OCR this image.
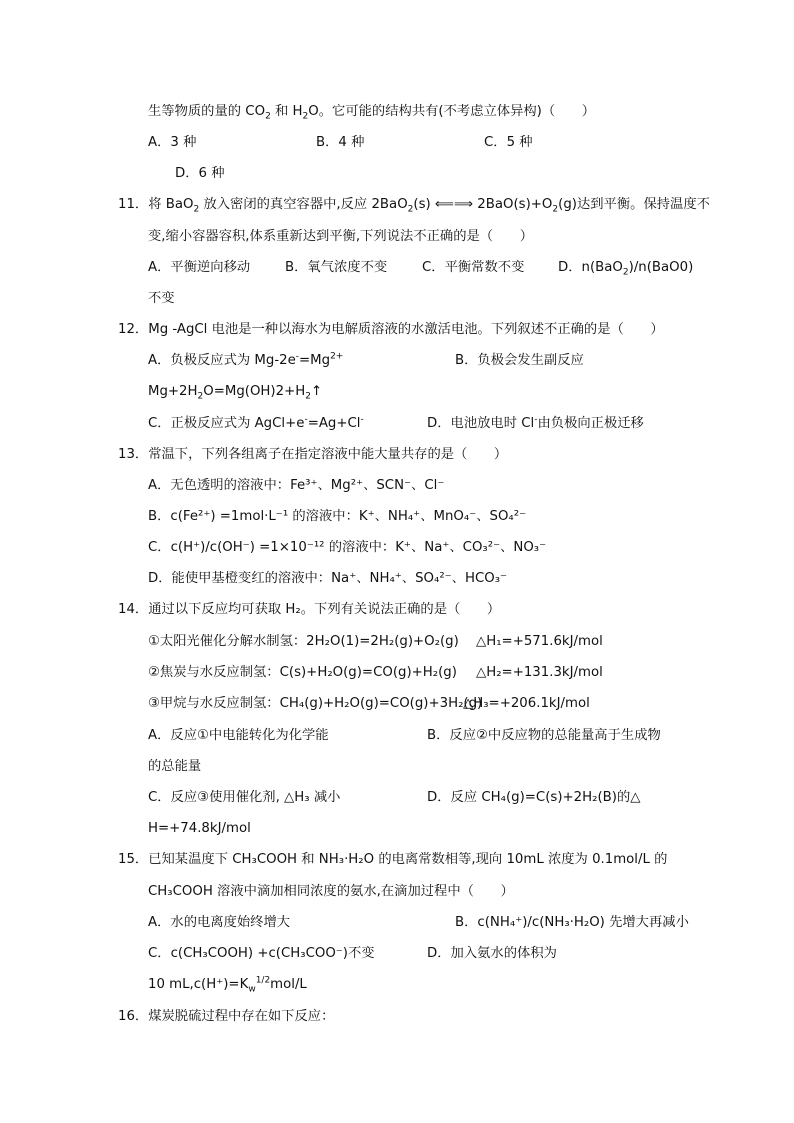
生等物质的量的 $CO_2$ 和 $H_2O$。它可能的结构共有(不考虑立体异构)（　　）
A．3 种	B．4 种	C．5 种
D．6 种
11．将 BaO$_2$ 放入密闭的真空容器中,反应 2BaO$_2$(s) ⟸⟹ $2BaO(s)+O_2(g)$达到平衡。保持温度不
变,缩小容器容积,体系重新达到平衡,下列说法不正确的是（　　）
A．平衡逆向移动	B．氧气浓度不变	C．平衡常数不变	D．n(BaO$_2$)/n(BaO0)
不变
12．Mg -AgCl 电池是一种以海水为电解质溶液的水激活电池。下列叙述不正确的是（　　）
A．负极反应式为 $Mg-2e^-=Mg^{2+}$	B．负极会发生副反应
$Mg+2H_2O=Mg(OH)2+H_2↑$
C．正极反应式为 AgCl+e-=Ag+Cl-	D．电池放电时 Cl-由负极向正极迁移
13．常温下，下列各组离子在指定溶液中能大量共存的是（　　）
A．无色透明的溶液中：Fe³⁺、Mg²⁺、SCN⁻、Cl⁻
B．c(Fe²⁺) =1mol·L⁻¹ 的溶液中：K⁺、NH₄⁺、MnO₄⁻、SO₄²⁻
C．c(H⁺)/c(OH⁻) =1×10⁻¹² 的溶液中：K⁺、Na⁺、CO₃²⁻、NO₃⁻
D．能使甲基橙变红的溶液中：Na⁺、NH₄⁺、SO₄²⁻、HCO₃⁻
14．通过以下反应均可获取 H₂。下列有关说法正确的是（　　）
①太阳光催化分解水制氢：2H₂O(1)=2H₂(g)+O₂(g) △H₁=+571.6kJ/mol
②焦炭与水反应制氢：C(s)+H₂O(g)=CO(g)+H₂(g) △H₂=+131.3kJ/mol
③甲烷与水反应制氢：CH₄(g)+H₂O(g)=CO(g)+3H₂(g)
△H₃=+206.1kJ/mol
A．反应①中电能转化为化学能	B．反应②中反应物的总能量高于生成物
的总能量
C．反应③使用催化剂, △H₃ 减小	D．反应 CH₄(g)=C(s)+2H₂(B)的△
H=+74.8kJ/mol
15．已知某温度下 CH₃COOH 和 NH₃·H₂O 的电离常数相等,现向 10mL 浓度为 0.1mol/L 的
CH₃COOH 溶液中滴加相同浓度的氨水,在滴加过程中（　　）
A．水的电离度始终增大	B．c(NH₄⁺)/c(NH₃·H₂O) 先增大再减小
C．c(CH₃COOH) +c(CH₃COO⁻)不变	D．加入氨水的体积为
10 $mL,c(H^+)=K_w^{1/2}mol/L$
16．煤炭脱硫过程中存在如下反应：
